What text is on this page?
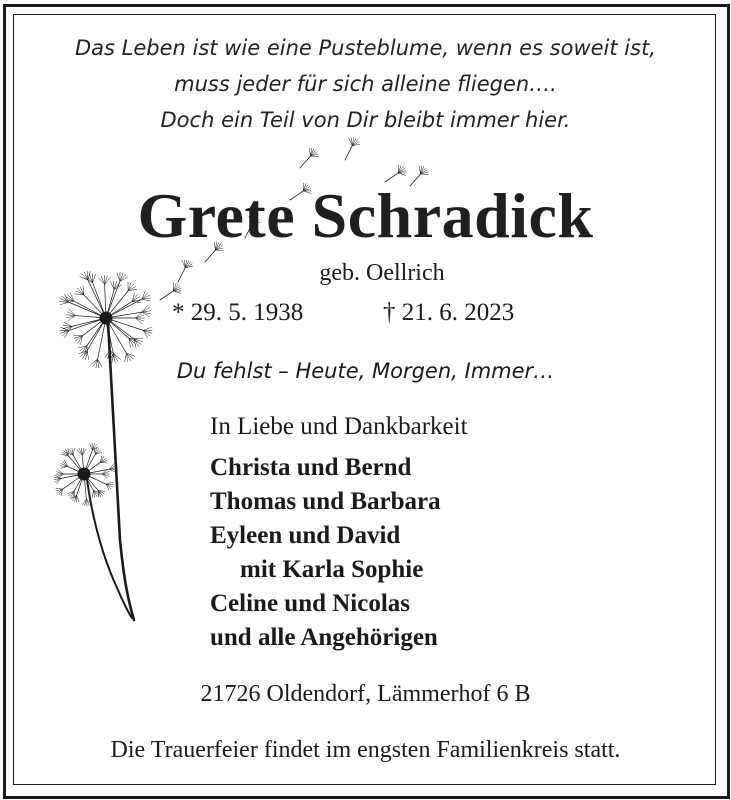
Das Leben ist wie eine Pusteblume, wenn es soweit ist,
muss jeder für sich alleine fliegen….
Doch ein Teil von Dir bleibt immer hier.
Grete Schradick
geb. Oellrich
* 29. 5. 1938	† 21. 6. 2023
Du fehlst – Heute, Morgen, Immer…
In Liebe und Dankbarkeit
Christa und Bernd
Thomas und Barbara
Eyleen und David
mit Karla Sophie
Celine und Nicolas
und alle Angehörigen
21726 Oldendorf, Lämmerhof 6 B
Die Trauerfeier findet im engsten Familienkreis statt.
